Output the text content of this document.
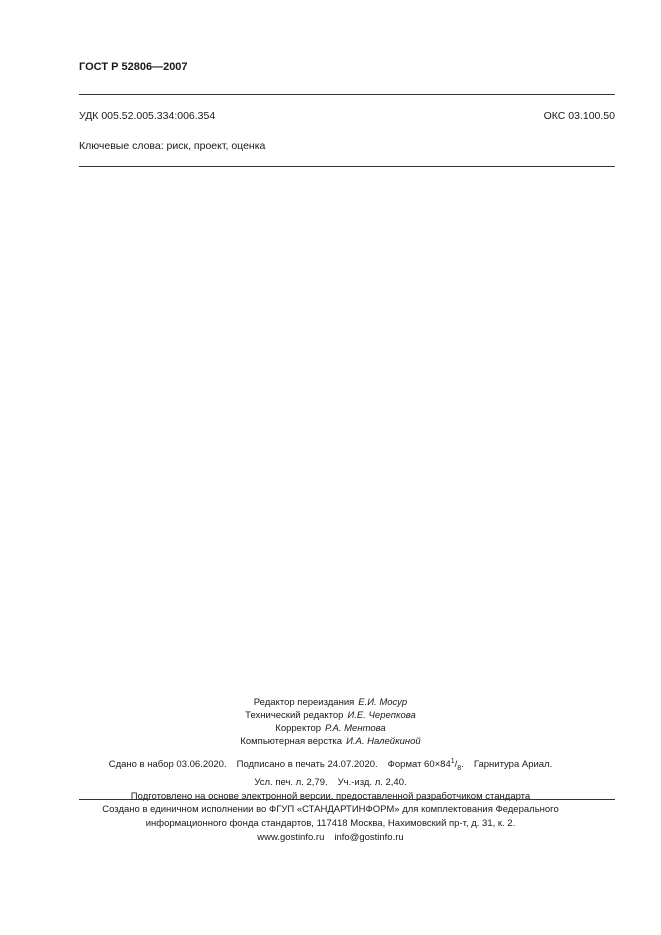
ГОСТ Р 52806—2007
УДК 005.52.005.334:006.354	ОКС 03.100.50
Ключевые слова: риск, проект, оценка
Редактор переиздания Е.И. Мосур
Технический редактор И.Е. Черепкова
Корректор Р.А. Ментова
Компьютерная верстка И.А. Налейкиной
Сдано в набор 03.06.2020. Подписано в печать 24.07.2020. Формат $60\times 84^1/_8$. Гарнитура Ариал.
Усл. печ. л. 2,79. Уч.-изд. л. 2,40.
Подготовлено на основе электронной версии, предоставленной разработчиком стандарта
Создано в единичном исполнении во ФГУП «СТАНДАРТИНФОРМ» для комплектования Федерального
информационного фонда стандартов, 117418 Москва, Нахимовский пр-т, д. 31, к. 2.
www.gostinfo.ru info@gostinfo.ru
